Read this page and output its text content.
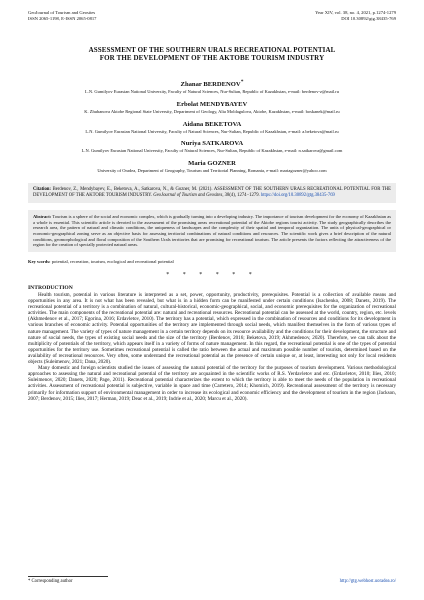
GeoJournal of Tourism and Geosites
ISSN 2065-1198, E-ISSN 2065-0817
Year XIV, vol. 38, no. 4, 2021, p.1274-1279
DOI 10.30892/gtg.38435-769
ASSESSMENT OF THE SOUTHERN URALS RECREATIONAL POTENTIAL
FOR THE DEVELOPMENT OF THE AKTOBE TOURISM INDUSTRY
Zhanar BERDENOV*
L.N. Gumilyov Eurasian National University, Faculty of Natural Sciences, Nur-Sultan, Republic of Kazakhstan, e-mail: berdenov-z@mail.ru
Erbolat MENDYBAYEV
K. Zhubanova Aktobe Regional State University, Department of Geology, Alia Moldagulova, Aktobe, Kazakhstan, e-mail: boskanek@mail.ru
Aidana BEKETOVA
L.N. Gumilyov Eurasian National University, Faculty of Natural Sciences, Nur-Sultan, Republic of Kazakhstan, e-mail: a.beketova@mail.ru
Nuriya SATKAROVA
L.N. Gumilyov Eurasian National University, Faculty of Natural Sciences, Nur-Sultan, Republic of Kazakhstan, e-mail: n.satkarova@gmail.com
Maria GOZNER
University of Oradea, Department of Geography, Tourism and Territorial Planning, Romania, e-mail: mariagozner@yahoo.com
Citation: Berdenov, Z., Mendybayev, E., Beketova, A., Satkarova, N., & Gozner, M. (2021). ASSESSMENT OF THE SOUTHERN URALS RECREATIONAL POTENTIAL FOR THE DEVELOPMENT OF THE AKTOBE TOURISM INDUSTRY. GeoJournal of Tourism and Geosites, 38(4), 1274−1279. https://doi.org/10.30892/gtg.38435-769
Abstract: Tourism is a sphere of the social and economic complex, which is gradually turning into a developing industry. The importance of tourism development for the economy of Kazakhstan as a whole is essential. This scientific article is devoted to the assessment of the promising areas recreational potential of the Aktobe regions tourist activity. The study geographically describes the research area, the pattern of natural and climatic conditions, the uniqueness of landscapes and the complexity of their spatial and temporal organization. The units of physical-geographical or economic-geographical zoning serve as an objective basis for assessing territorial combinations of natural conditions and resources. The scientific work gives a brief description of the natural conditions, geomorphological and floral composition of the Southern Urals territories that are promising for recreational tourism. The article presents the factors reflecting the attractiveness of the region for the creation of specially protected natural areas.
Key words: potential, recreation, tourism, ecological and recreational potential
* * * * * *
INTRODUCTION

Health tourism, potential in various literature is interpreted as a set, power, opportunity, productivity, prerequisites. Potential is a collection of available means and opportunities in any area. It is not what has been revealed, but what is in a hidden form can be manifested under certain conditions (Isachenko, 2008; Danets, 2019). The recreational potential of a territory is a combination of natural, cultural-historical, economic-geographical, social, and economic prerequisites for the organization of recreational activities. The main components of the recreational potential are: natural and recreational resources. Recreational potential can be assessed at the world, country, region, etc. levels (Akhmedenov et al., 2017; Egorina, 2016; Erdavletov, 2010). The territory has a potential, which expressed in the combination of resources and conditions for its development in various branches of economic activity. Potential opportunities of the territory are implemented through social needs, which manifest themselves in the form of various types of nature management. The variety of types of nature management in a certain territory depends on its resource availability and the conditions for their development, the structure and nature of social needs, the types of existing social needs and the size of the territory (Berdenov, 2016; Beketova, 2019; Akhmedenov, 2020). Therefore, we can talk about the multiplicity of potentials of the territory, which appears itself in a variety of forms of nature management. In this regard, the recreational potential is one of the types of potential opportunities for the territory use. Sometimes recreational potential is called the ratio between the actual and maximum possible number of tourists, determined based on the availability of recreational resources. Very often, some understand the recreational potential as the presence of certain unique or, at least, interesting not only for local residents objects (Suleimenov, 2021; Dana, 2020).

Many domestic and foreign scientists studied the issues of assessing the natural potential of the territory for the purposes of tourism development. Various methodological approaches to assessing the natural and recreational potential of the territory are acquainted in the scientific works of R.S. Yerdavletov and etc. (Erdavletov, 2010; Ilies, 2010; Suleimenov, 2020; Danets, 2020; Page, 2011). Recreational potential characterizes the extent to which the territory is able to meet the needs of the population in recreational activities. Assessment of recreational potential is subjective, variable in space and time (Carretero, 2014; Khomich, 2019). Recreational assessment of the territory is necessary primarily for information support of environmental management in order to increase its ecological and economic efficiency and the development of tourism in the region (Jackson, 2007; Berdenov, 2015; Ilies, 2017; Herman, 2019; Deac et al., 2019; Indrie et al., 2020; Marcu et al., 2020).

* Corresponding author	http://gtg.webhost.uoradea.ro/
